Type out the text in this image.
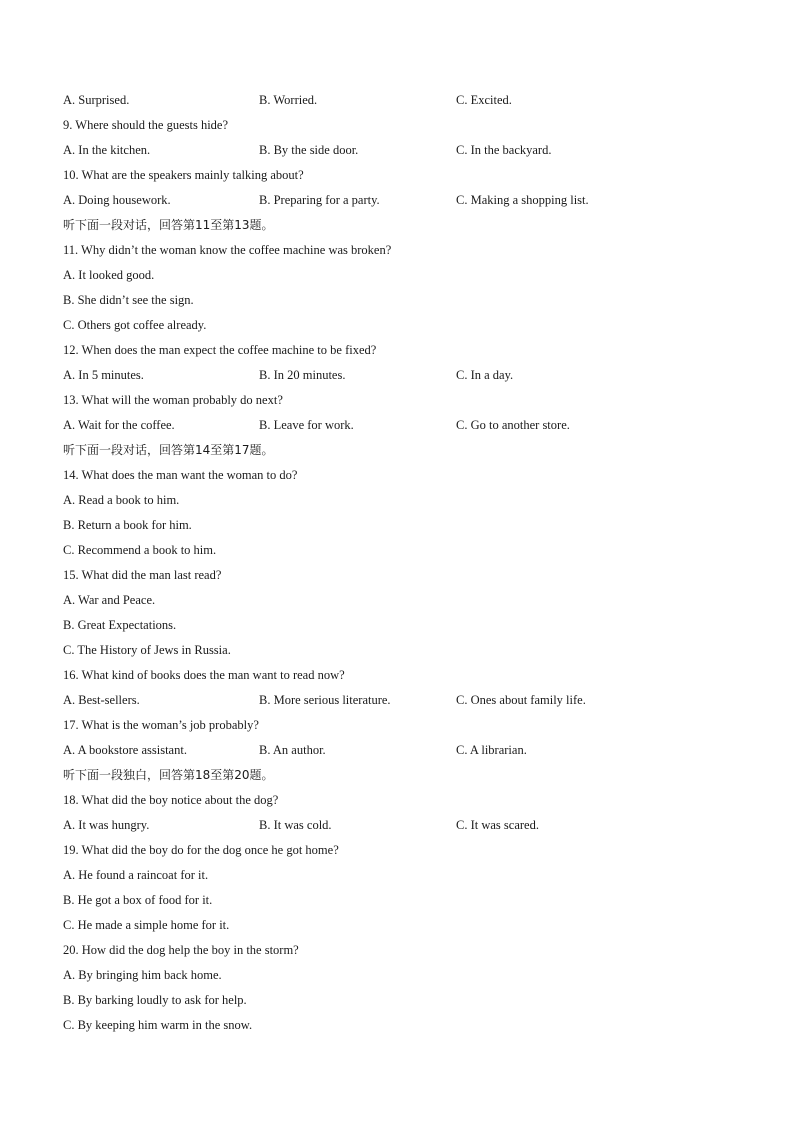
A. Surprised.	B. Worried.	C. Excited.
9. Where should the guests hide?
A. In the kitchen.	B. By the side door.	C. In the backyard.
10. What are the speakers mainly talking about?
A. Doing housework.	B. Preparing for a party.	C. Making a shopping list.
听下面一段对话，回答第11至第13题。
11. Why didn’t the woman know the coffee machine was broken?
A. It looked good.
B. She didn’t see the sign.
C. Others got coffee already.
12. When does the man expect the coffee machine to be fixed?
A. In 5 minutes.	B. In 20 minutes.	C. In a day.
13. What will the woman probably do next?
A. Wait for the coffee.	B. Leave for work.	C. Go to another store.
听下面一段对话，回答第14至第17题。
14. What does the man want the woman to do?
A. Read a book to him.
B. Return a book for him.
C. Recommend a book to him.
15. What did the man last read?
A. War and Peace.
B. Great Expectations.
C. The History of Jews in Russia.
16. What kind of books does the man want to read now?
A. Best-sellers.	B. More serious literature.	C. Ones about family life.
17. What is the woman’s job probably?
A. A bookstore assistant.	B. An author.	C. A librarian.
听下面一段独白，回答第18至第20题。
18. What did the boy notice about the dog?
A. It was hungry.	B. It was cold.	C. It was scared.
19. What did the boy do for the dog once he got home?
A. He found a raincoat for it.
B. He got a box of food for it.
C. He made a simple home for it.
20. How did the dog help the boy in the storm?
A. By bringing him back home.
B. By barking loudly to ask for help.
C. By keeping him warm in the snow.
